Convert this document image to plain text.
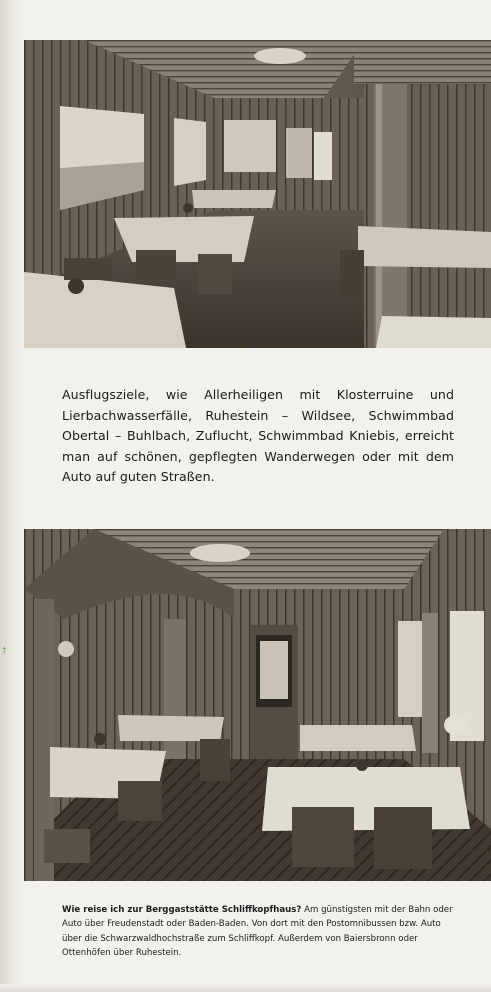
†
Ausflugsziele, wie Allerheiligen mit Klosterruine und Lierbachwasserfälle, Ruhestein – Wildsee, Schwimmbad Obertal – Buhlbach, Zuflucht, Schwimmbad Kniebis, erreicht man auf schönen, gepflegten Wanderwegen oder mit dem Auto auf guten Straßen.
Wie reise ich zur Berggaststätte Schliffkopfhaus? Am günstigsten mit der Bahn oder Auto über Freudenstadt oder Baden-Baden. Von dort mit den Postomnibussen bzw. Auto über die Schwarzwaldhochstraße zum Schliffkopf. Außerdem von Baiersbronn oder Ottenhöfen über Ruhestein.
